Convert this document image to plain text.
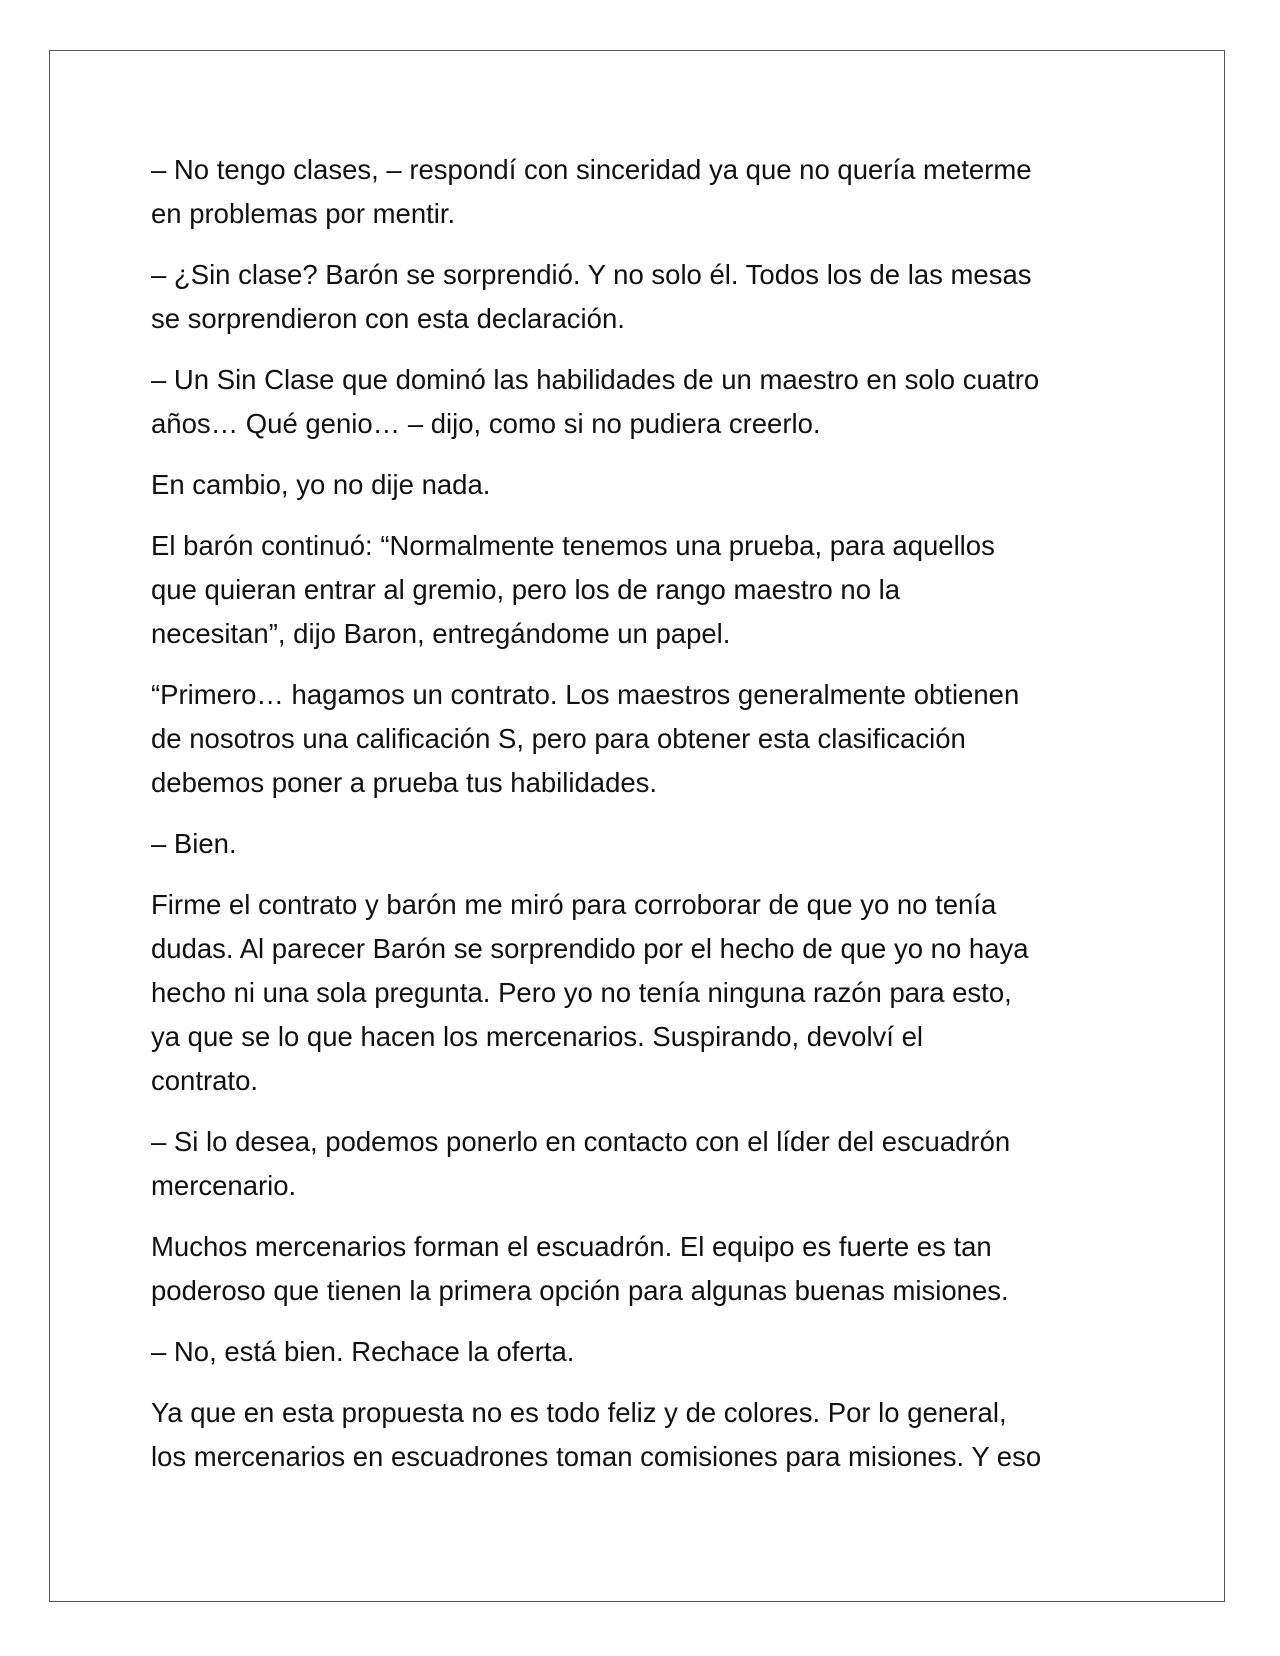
– No tengo clases, – respondí con sinceridad ya que no quería meterme
en problemas por mentir.

– ¿Sin clase? Barón se sorprendió. Y no solo él. Todos los de las mesas
se sorprendieron con esta declaración.

– Un Sin Clase que dominó las habilidades de un maestro en solo cuatro
años… Qué genio… – dijo, como si no pudiera creerlo.

En cambio, yo no dije nada.

El barón continuó: “Normalmente tenemos una prueba, para aquellos
que quieran entrar al gremio, pero los de rango maestro no la
necesitan”, dijo Baron, entregándome un papel.

“Primero… hagamos un contrato. Los maestros generalmente obtienen
de nosotros una calificación S, pero para obtener esta clasificación
debemos poner a prueba tus habilidades.

– Bien.

Firme el contrato y barón me miró para corroborar de que yo no tenía
dudas. Al parecer Barón se sorprendido por el hecho de que yo no haya
hecho ni una sola pregunta. Pero yo no tenía ninguna razón para esto,
ya que se lo que hacen los mercenarios. Suspirando, devolví el
contrato.

– Si lo desea, podemos ponerlo en contacto con el líder del escuadrón
mercenario.

Muchos mercenarios forman el escuadrón. El equipo es fuerte es tan
poderoso que tienen la primera opción para algunas buenas misiones.

– No, está bien. Rechace la oferta.

Ya que en esta propuesta no es todo feliz y de colores. Por lo general,
los mercenarios en escuadrones toman comisiones para misiones. Y eso
